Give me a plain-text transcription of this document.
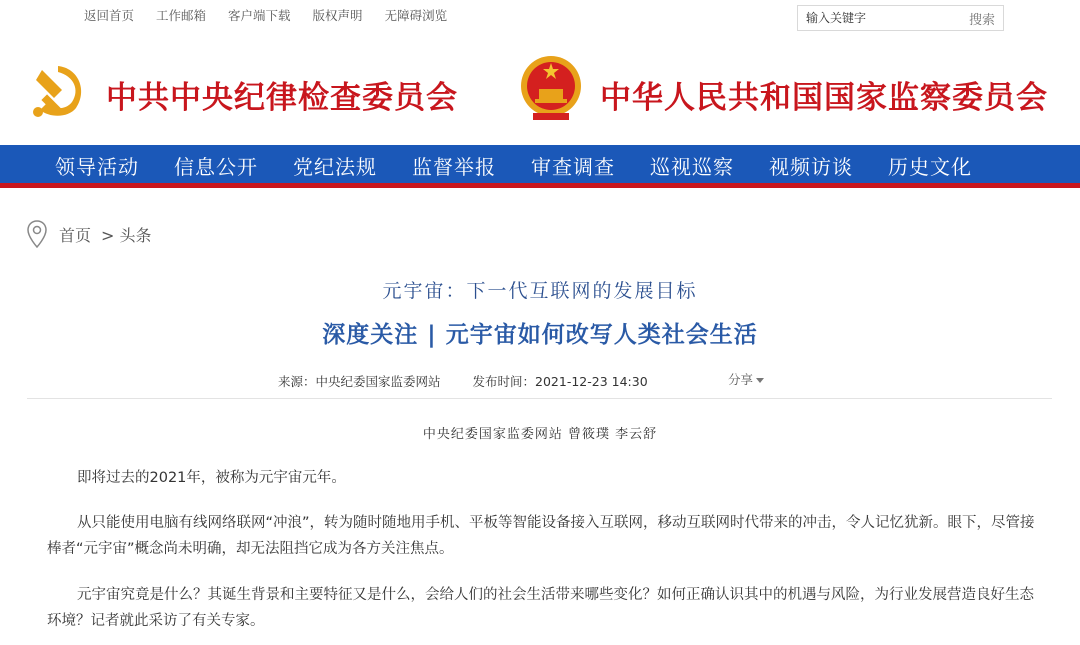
返回首页 工作邮箱 客户端下载 版权声明 无障碍浏览
输入关键字	搜索
中共中央纪律检查委员会	中华人民共和国国家监察委员会
领导活动 信息公开 党纪法规 监督举报 审查调查 巡视巡察 视频访谈 历史文化
首页 > 头条
元宇宙：下一代互联网的发展目标
深度关注 | 元宇宙如何改写人类社会生活
来源：中央纪委国家监委网站	发布时间：2021-12-23 14:30	分享
中央纪委国家监委网站 曾筱璞 李云舒

即将过去的2021年，被称为元宇宙元年。

从只能使用电脑有线网络联网“冲浪”，转为随时随地用手机、平板等智能设备接入互联网，移动互联网时代带来的冲击，令人记忆犹新。眼下，尽管接棒者“元宇宙”概念尚未明确，却无法阻挡它成为各方关注焦点。

元宇宙究竟是什么？其诞生背景和主要特征又是什么，会给人们的社会生活带来哪些变化？如何正确认识其中的机遇与风险，为行业发展营造良好生态环境？记者就此采访了有关专家。
